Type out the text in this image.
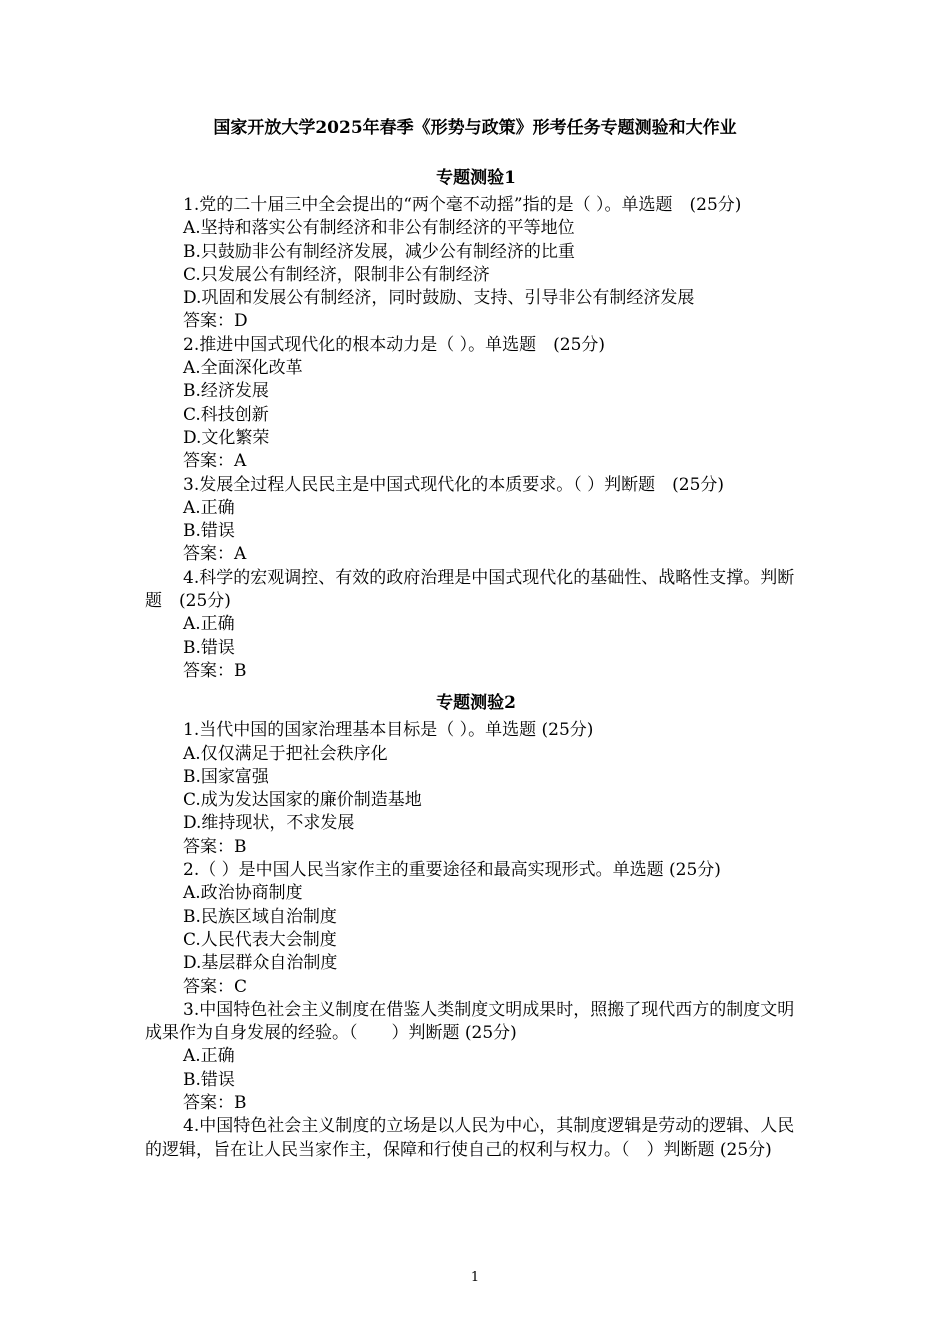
国家开放大学2025年春季《形势与政策》形考任务专题测验和大作业
专题测验1
1.党的二十届三中全会提出的“两个毫不动摇”指的是（ ）。单选题　(25分)
A.坚持和落实公有制经济和非公有制经济的平等地位
B.只鼓励非公有制经济发展，减少公有制经济的比重
C.只发展公有制经济，限制非公有制经济
D.巩固和发展公有制经济，同时鼓励、支持、引导非公有制经济发展
答案：D
2.推进中国式现代化的根本动力是（ ）。单选题　(25分)
A.全面深化改革
B.经济发展
C.科技创新
D.文化繁荣
答案：A
3.发展全过程人民民主是中国式现代化的本质要求。（ ）判断题　(25分)
A.正确
B.错误
答案：A
4.科学的宏观调控、有效的政府治理是中国式现代化的基础性、战略性支撑。判断题　(25分)
A.正确
B.错误
答案：B
专题测验2
1.当代中国的国家治理基本目标是（ ）。单选题 (25分)
A.仅仅满足于把社会秩序化
B.国家富强
C.成为发达国家的廉价制造基地
D.维持现状，不求发展
答案：B
2.（ ）是中国人民当家作主的重要途径和最高实现形式。单选题 (25分)
A.政治协商制度
B.民族区域自治制度
C.人民代表大会制度
D.基层群众自治制度
答案：C
3.中国特色社会主义制度在借鉴人类制度文明成果时，照搬了现代西方的制度文明成果作为自身发展的经验。（　　）判断题 (25分)
A.正确
B.错误
答案：B
4.中国特色社会主义制度的立场是以人民为中心，其制度逻辑是劳动的逻辑、人民的逻辑，旨在让人民当家作主，保障和行使自己的权利与权力。（　）判断题 (25分)
1
